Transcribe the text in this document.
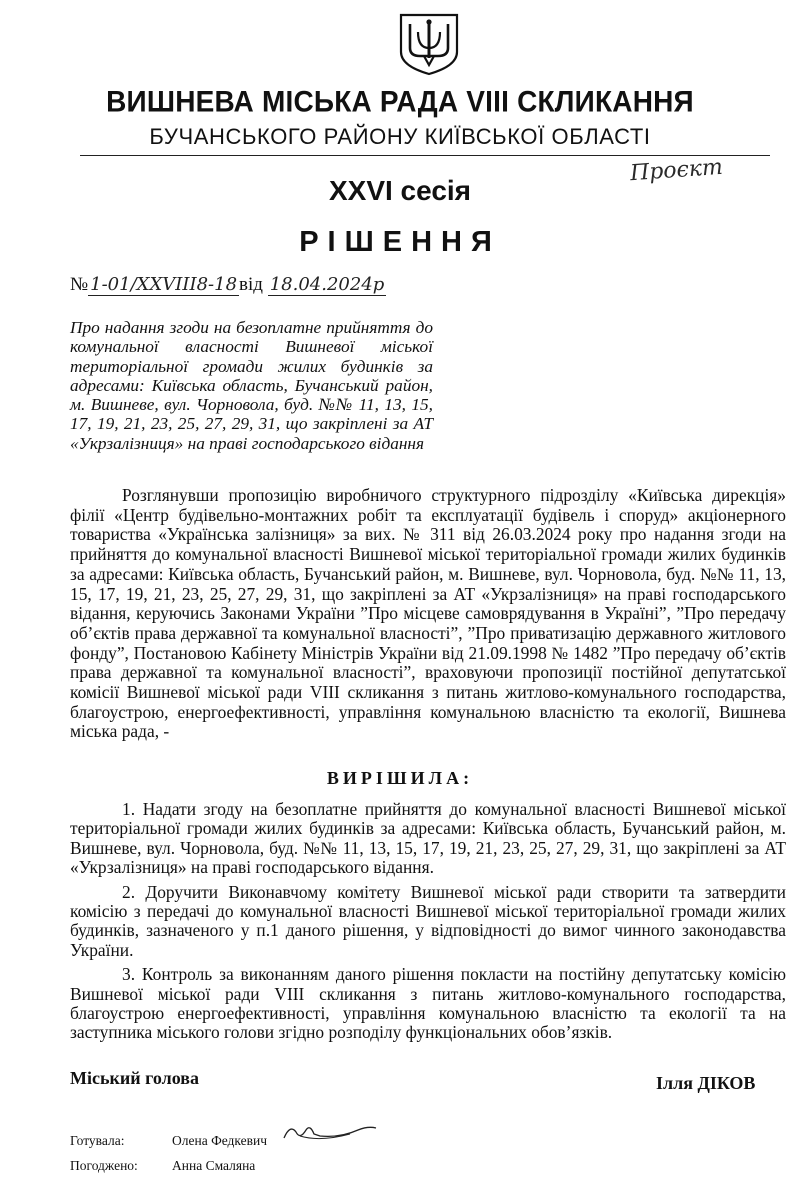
ВИШНЕВА МІСЬКА РАДА VIII СКЛИКАННЯ
БУЧАНСЬКОГО РАЙОНУ КИЇВСЬКОЇ ОБЛАСТІ
Проєкт
XXVI сесія
РІШЕННЯ
№ 1-01/XXVIII8-18 від 18.04.2024р
Про надання згоди на безоплатне прийняття до комунальної власності Вишневої міської територіальної громади жилих будинків за адресами: Київська область, Бучанський район, м. Вишневе, вул. Чорновола, буд. №№ 11, 13, 15, 17, 19, 21, 23, 25, 27, 29, 31, що закріплені за АТ «Укрзалізниця» на праві господарського відання

Розглянувши пропозицію виробничого структурного підрозділу «Київська дирекція» філії «Центр будівельно-монтажних робіт та експлуатації будівель і споруд» акціонерного товариства «Українська залізниця» за вих. № 311 від 26.03.2024 року про надання згоди на прийняття до комунальної власності Вишневої міської територіальної громади жилих будинків за адресами: Київська область, Бучанський район, м. Вишневе, вул. Чорновола, буд. №№ 11, 13, 15, 17, 19, 21, 23, 25, 27, 29, 31, що закріплені за АТ «Укрзалізниця» на праві господарського відання, керуючись Законами України ”Про місцеве самоврядування в Україні”, ”Про передачу об’єктів права державної та комунальної власності”, ”Про приватизацію державного житлового фонду”, Постановою Кабінету Міністрів України від 21.09.1998 № 1482 ”Про передачу об’єктів права державної та комунальної власності”, враховуючи пропозиції постійної депутатської комісії Вишневої міської ради VIII скликання з питань житлово-комунального господарства, благоустрою, енергоефективності, управління комунальною власністю та екології, Вишнева міська рада, -

ВИРІШИЛА:

1. Надати згоду на безоплатне прийняття до комунальної власності Вишневої міської територіальної громади жилих будинків за адресами: Київська область, Бучанський район, м. Вишневе, вул. Чорновола, буд. №№ 11, 13, 15, 17, 19, 21, 23, 25, 27, 29, 31, що закріплені за АТ «Укрзалізниця» на праві господарського відання.

2. Доручити Виконавчому комітету Вишневої міської ради створити та затвердити комісію з передачі до комунальної власності Вишневої міської територіальної громади жилих будинків, зазначеного у п.1 даного рішення, у відповідності до вимог чинного законодавства України.

3. Контроль за виконанням даного рішення покласти на постійну депутатську комісію Вишневої міської ради VIII скликання з питань житлово-комунального господарства, благоустрою енергоефективності, управління комунальною власністю та екології та на заступника міського голови згідно розподілу функціональних обов’язків.

Міський голова	Ілля ДІКОВ
Готувала:	Олена Федкевич
Погоджено:	Анна Смаляна
